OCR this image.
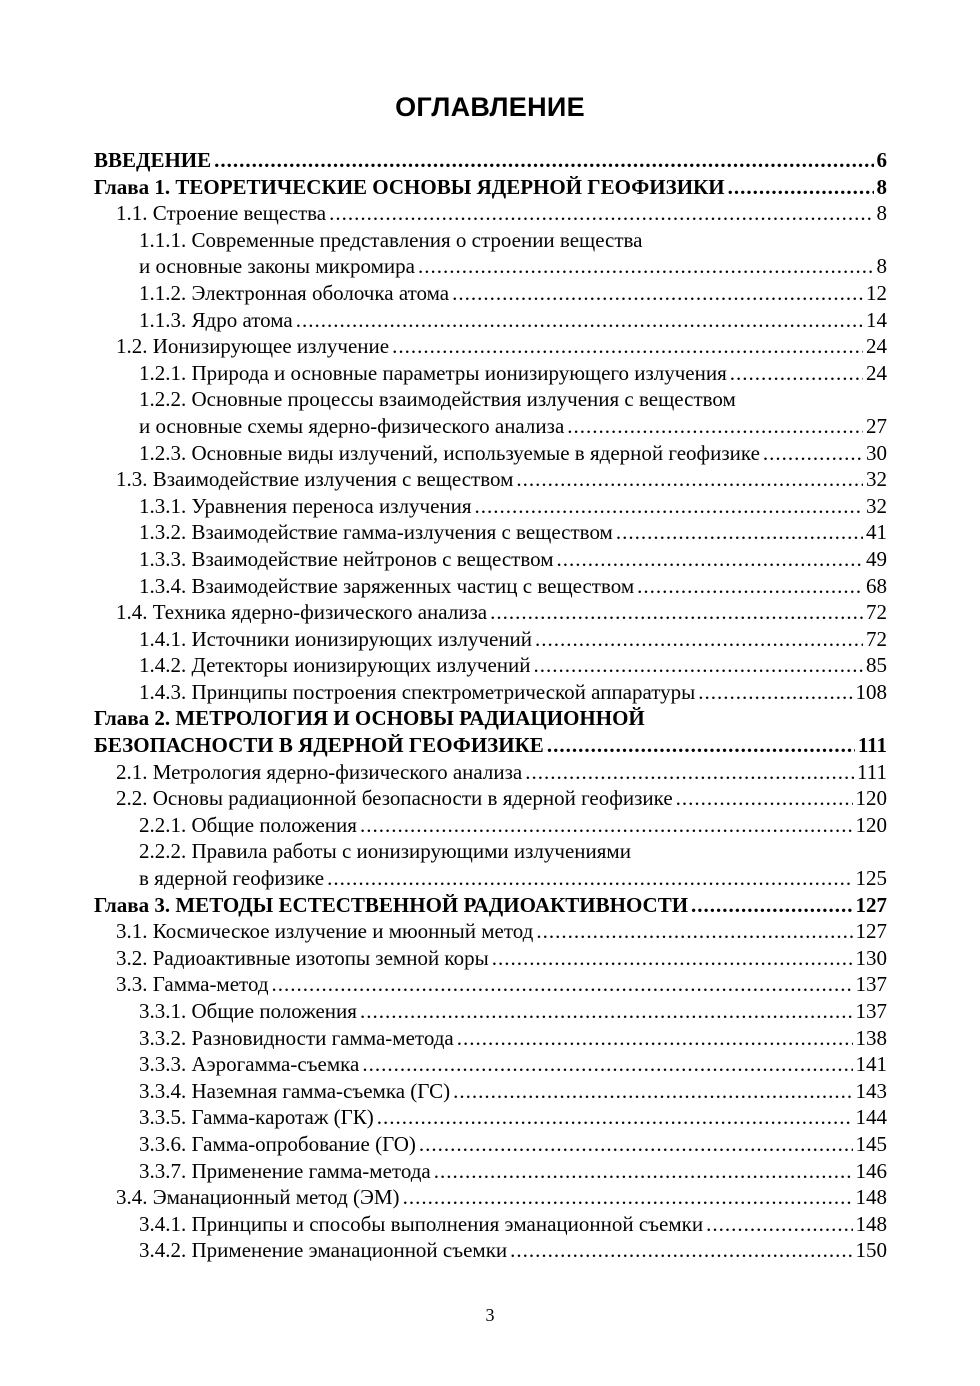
ОГЛАВЛЕНИЕ
ВВЕДЕНИЕ .....	6
Глава 1. ТЕОРЕТИЧЕСКИЕ ОСНОВЫ ЯДЕРНОЙ ГЕОФИЗИКИ .....	8
1.1. Строение вещества .....	8
1.1.1. Современные представления о строении вещества
и основные законы микромира .....	8
1.1.2. Электронная оболочка атома .....	12
1.1.3. Ядро атома .....	14
1.2. Ионизирующее излучение .....	24
1.2.1. Природа и основные параметры ионизирующего излучения .....	24
1.2.2. Основные процессы взаимодействия излучения с веществом
и основные схемы ядерно-физического анализа .....	27
1.2.3. Основные виды излучений, используемые в ядерной геофизике .....	30
1.3. Взаимодействие излучения с веществом .....	32
1.3.1. Уравнения переноса излучения .....	32
1.3.2. Взаимодействие гамма-излучения с веществом .....	41
1.3.3. Взаимодействие нейтронов с веществом .....	49
1.3.4. Взаимодействие заряженных частиц с веществом .....	68
1.4. Техника ядерно-физического анализа .....	72
1.4.1. Источники ионизирующих излучений .....	72
1.4.2. Детекторы ионизирующих излучений .....	85
1.4.3. Принципы построения спектрометрической аппаратуры .....	108
Глава 2. МЕТРОЛОГИЯ И ОСНОВЫ РАДИАЦИОННОЙ
БЕЗОПАСНОСТИ В ЯДЕРНОЙ ГЕОФИЗИКЕ .....	111
2.1. Метрология ядерно-физического анализа .....	111
2.2. Основы радиационной безопасности в ядерной геофизике .....	120
2.2.1. Общие положения .....	120
2.2.2. Правила работы с ионизирующими излучениями
в ядерной геофизике .....	125
Глава 3. МЕТОДЫ ЕСТЕСТВЕННОЙ РАДИОАКТИВНОСТИ .....	127
3.1. Космическое излучение и мюонный метод .....	127
3.2. Радиоактивные изотопы земной коры .....	130
3.3. Гамма-метод .....	137
3.3.1. Общие положения .....	137
3.3.2. Разновидности гамма-метода .....	138
3.3.3. Аэрогамма-съемка .....	141
3.3.4. Наземная гамма-съемка (ГС) .....	143
3.3.5. Гамма-каротаж (ГК) .....	144
3.3.6. Гамма-опробование (ГО) .....	145
3.3.7. Применение гамма-метода .....	146
3.4. Эманационный метод (ЭМ) .....	148
3.4.1. Принципы и способы выполнения эманационной съемки .....	148
3.4.2. Применение эманационной съемки .....	150
3
